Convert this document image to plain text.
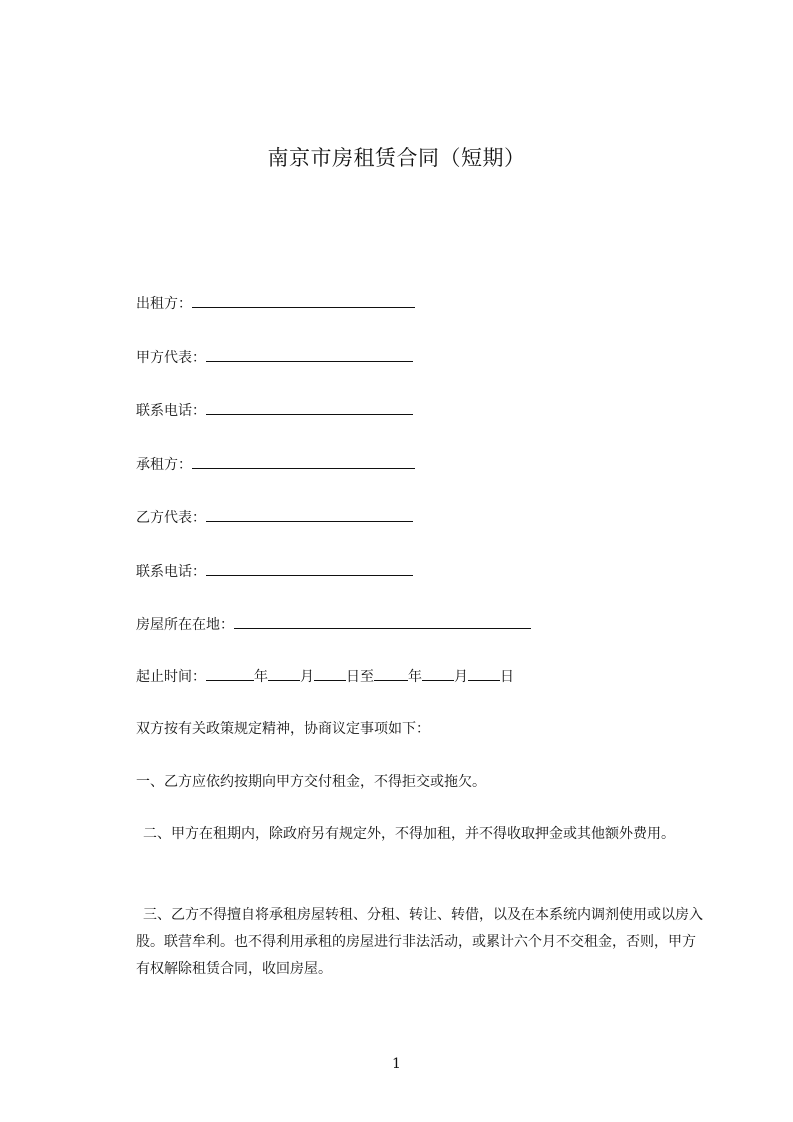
南京市房租赁合同（短期）
出租方：
甲方代表：
联系电话：
承租方：
乙方代表：
联系电话：
房屋所在在地：
起止时间：	年 月 日至 年 月 日
双方按有关政策规定精神，协商议定事项如下：
一、乙方应依约按期向甲方交付租金，不得拒交或拖欠。
二、甲方在租期内，除政府另有规定外，不得加租，并不得收取押金或其他额外费用。
三、乙方不得擅自将承租房屋转租、分租、转让、转借，以及在本系统内调剂使用或以房入股。联营牟利。也不得利用承租的房屋进行非法活动，或累计六个月不交租金，否则，甲方有权解除租赁合同，收回房屋。
1
